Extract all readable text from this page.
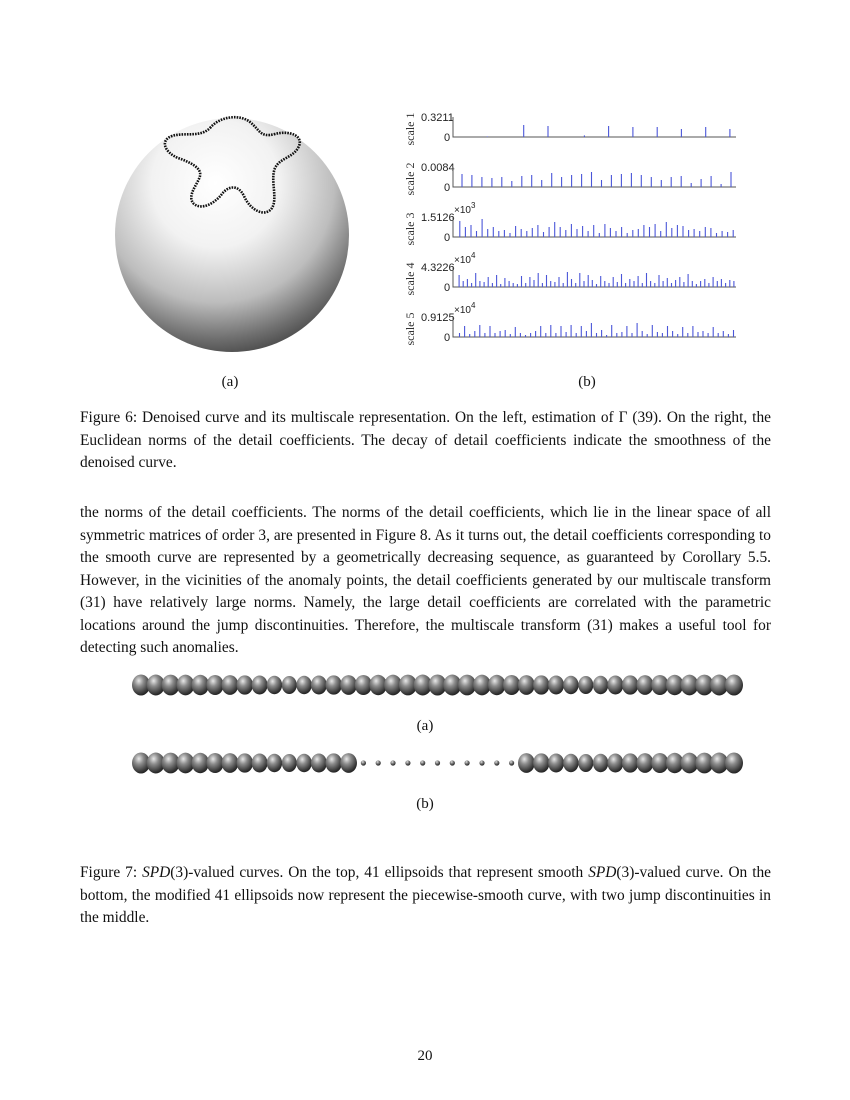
scale 1 0.3211
0
scale 2 0.0084
0
scale 3
$\times 10^3$
1.5126
0
scale 4
$\times 10^4$
4.3226
0
scale 5
$\times 10^4$
0.9125
0
(a)	(b)

Figure 6: Denoised curve and its multiscale representation. On the left, estimation of Γ (39). On the right, the Euclidean norms of the detail coefficients. The decay of detail coefficients indicate the smoothness of the denoised curve.

the norms of the detail coefficients. The norms of the detail coefficients, which lie in the linear space of all symmetric matrices of order 3, are presented in Figure 8. As it turns out, the detail coefficients corresponding to the smooth curve are represented by a geometrically decreasing sequence, as guaranteed by Corollary 5.5. However, in the vicinities of the anomaly points, the detail coefficients generated by our multiscale transform (31) have relatively large norms. Namely, the large detail coefficients are correlated with the parametric locations around the jump discontinuities. Therefore, the multiscale transform (31) makes a useful tool for detecting such anomalies.

(a)
(b)

Figure 7: SPD(3)-valued curves. On the top, 41 ellipsoids that represent smooth SPD(3)-valued curve. On the bottom, the modified 41 ellipsoids now represent the piecewise-smooth curve, with two jump discontinuities in the middle.

20
